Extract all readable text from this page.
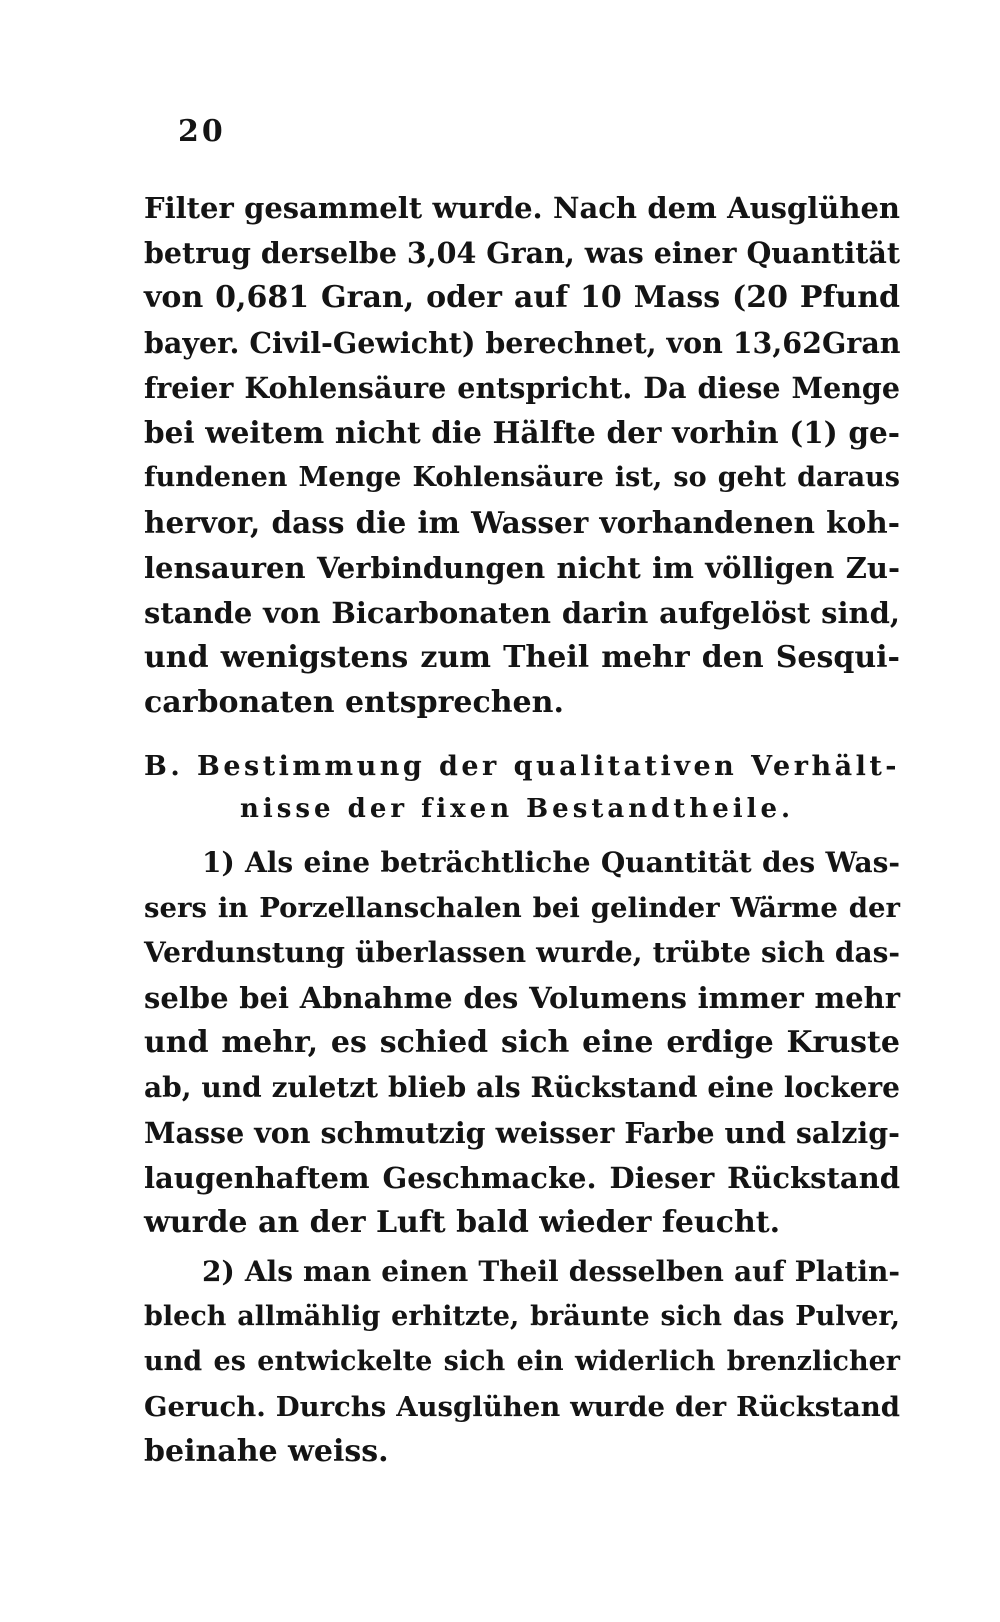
20
Filter gesammelt wurde. Nach dem Ausglühen
betrug derselbe 3,04 Gran, was einer Quantität
von 0,681 Gran, oder auf 10 Mass (20 Pfund
bayer. Civil-Gewicht) berechnet, von 13,62Gran
freier Kohlensäure entspricht. Da diese Menge
bei weitem nicht die Hälfte der vorhin (1) ge-
fundenen Menge Kohlensäure ist, so geht daraus
hervor, dass die im Wasser vorhandenen koh-
lensauren Verbindungen nicht im völligen Zu-
stande von Bicarbonaten darin aufgelöst sind,
und wenigstens zum Theil mehr den Sesqui-
carbonaten entsprechen.
B. Bestimmung der qualitativen Verhält-
nisse der fixen Bestandtheile.
1) Als eine beträchtliche Quantität des Was-
sers in Porzellanschalen bei gelinder Wärme der
Verdunstung überlassen wurde, trübte sich das-
selbe bei Abnahme des Volumens immer mehr
und mehr, es schied sich eine erdige Kruste
ab, und zuletzt blieb als Rückstand eine lockere
Masse von schmutzig weisser Farbe und salzig-
laugenhaftem Geschmacke. Dieser Rückstand
wurde an der Luft bald wieder feucht.
2) Als man einen Theil desselben auf Platin-
blech allmählig erhitzte, bräunte sich das Pulver,
und es entwickelte sich ein widerlich brenzlicher
Geruch. Durchs Ausglühen wurde der Rückstand
beinahe weiss.
